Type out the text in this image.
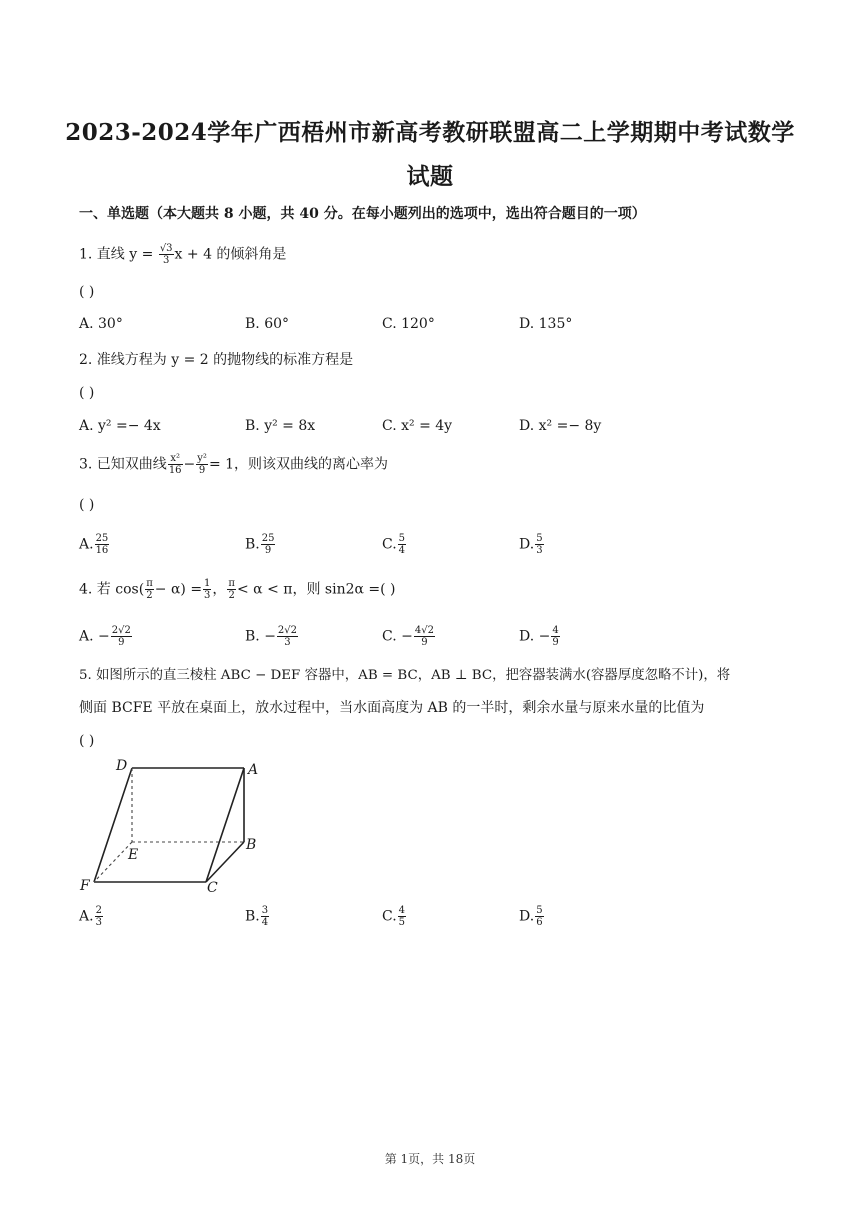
2023-2024学年广西梧州市新高考教研联盟高二上学期期中考试数学
试题
一、单选题（本大题共 8 小题，共 40 分。在每小题列出的选项中，选出符合题目的一项）
1. 直线 $y = \frac{√3}{3}$ x + 4 的倾斜角是
( )
A. 30°	B. 60°	C. 120°	D. 135°
2. 准线方程为 y = 2 的抛物线的标准方程是
( )
A. y² =− 4x	B. y² = 8x	C. x² = 4y	D. x² =− 8y
3. 已知双曲线 $\frac{\text{x²}}{16} - \frac{\text{y²}}{9} = 1$，则该双曲线的离心率为
( )
A. $\frac{25}{16}$	B. $\frac{25}{9}$	C. $\frac{5}{4}$	D. $\frac{5}{3}$
4. 若 $\cos( \frac{\pi}{2} - \alpha) = \frac{1}{3}$ ， $\frac{\pi}{2} < \alpha < \pi$，则 sin2α =( )
A. − $\frac{2√2}{9}$	B. − $\frac{2√2}{3}$	C. − $\frac{4√2}{9}$	D. − $\frac{4}{9}$
5. 如图所示的直三棱柱 ABC − DEF 容器中，AB = BC，AB ⊥ BC，把容器装满水(容器厚度忽略不计)，将
侧面 BCFE 平放在桌面上，放水过程中，当水面高度为 AB 的一半时，剩余水量与原来水量的比值为
( )
D	A
E
B
F	C
A. $\frac{2}{3}$	B. $\frac{3}{4}$	C. $\frac{4}{5}$	D. $\frac{5}{6}$
第 1页，共 18页
